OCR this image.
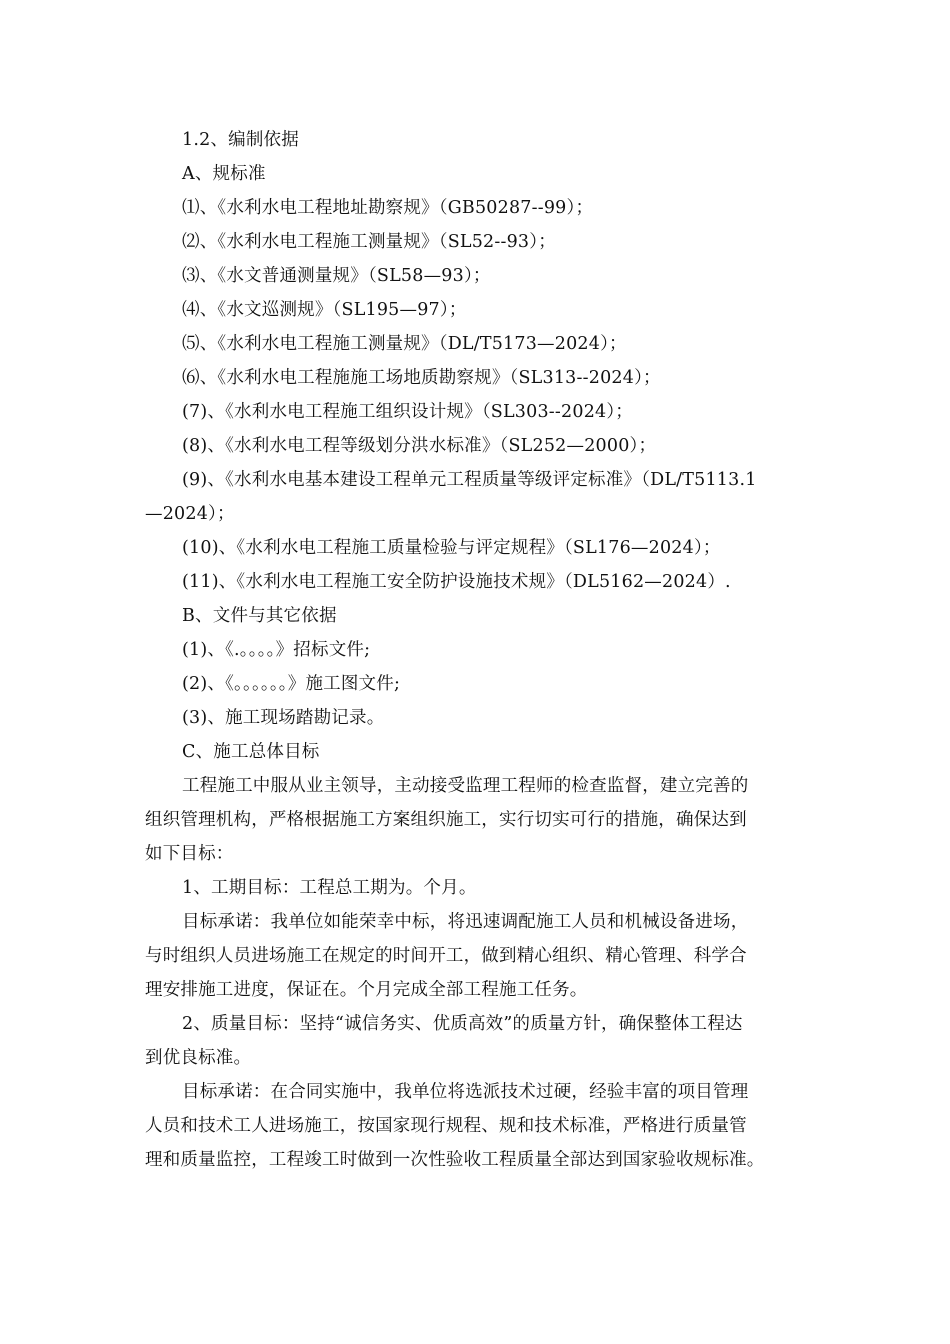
1.2、编制依据
A、规标准
⑴、《水利水电工程地址勘察规》（GB50287--99）；
⑵、《水利水电工程施工测量规》（SL52--93）；
⑶、《水文普通测量规》（SL58—93）；
⑷、《水文巡测规》（SL195—97）；
⑸、《水利水电工程施工测量规》（DL/T5173—2024）；
⑹、《水利水电工程施施工场地质勘察规》（SL313--2024）；
(7)、《水利水电工程施工组织设计规》（SL303--2024）；
(8)、《水利水电工程等级划分洪水标准》（SL252—2000）；
(9)、《水利水电基本建设工程单元工程质量等级评定标准》（DL/T5113.1
—2024）；
(10)、《水利水电工程施工质量检验与评定规程》（SL176—2024）；
(11)、《水利水电工程施工安全防护设施技术规》（DL5162—2024）.
B、文件与其它依据
(1)、《.。。。。》招标文件;
(2)、《。。。。。。》施工图文件;
(3)、施工现场踏勘记录。
C、施工总体目标
工程施工中服从业主领导，主动接受监理工程师的检查监督，建立完善的
组织管理机构，严格根据施工方案组织施工，实行切实可行的措施，确保达到
如下目标：
1、工期目标：工程总工期为。个月。
目标承诺：我单位如能荣幸中标，将迅速调配施工人员和机械设备进场，
与时组织人员进场施工在规定的时间开工，做到精心组织、精心管理、科学合
理安排施工进度，保证在。个月完成全部工程施工任务。
2、质量目标：坚持“诚信务实、优质高效”的质量方针，确保整体工程达
到优良标准。
目标承诺：在合同实施中，我单位将选派技术过硬，经验丰富的项目管理
人员和技术工人进场施工，按国家现行规程、规和技术标准，严格进行质量管
理和质量监控，工程竣工时做到一次性验收工程质量全部达到国家验收规标准。
